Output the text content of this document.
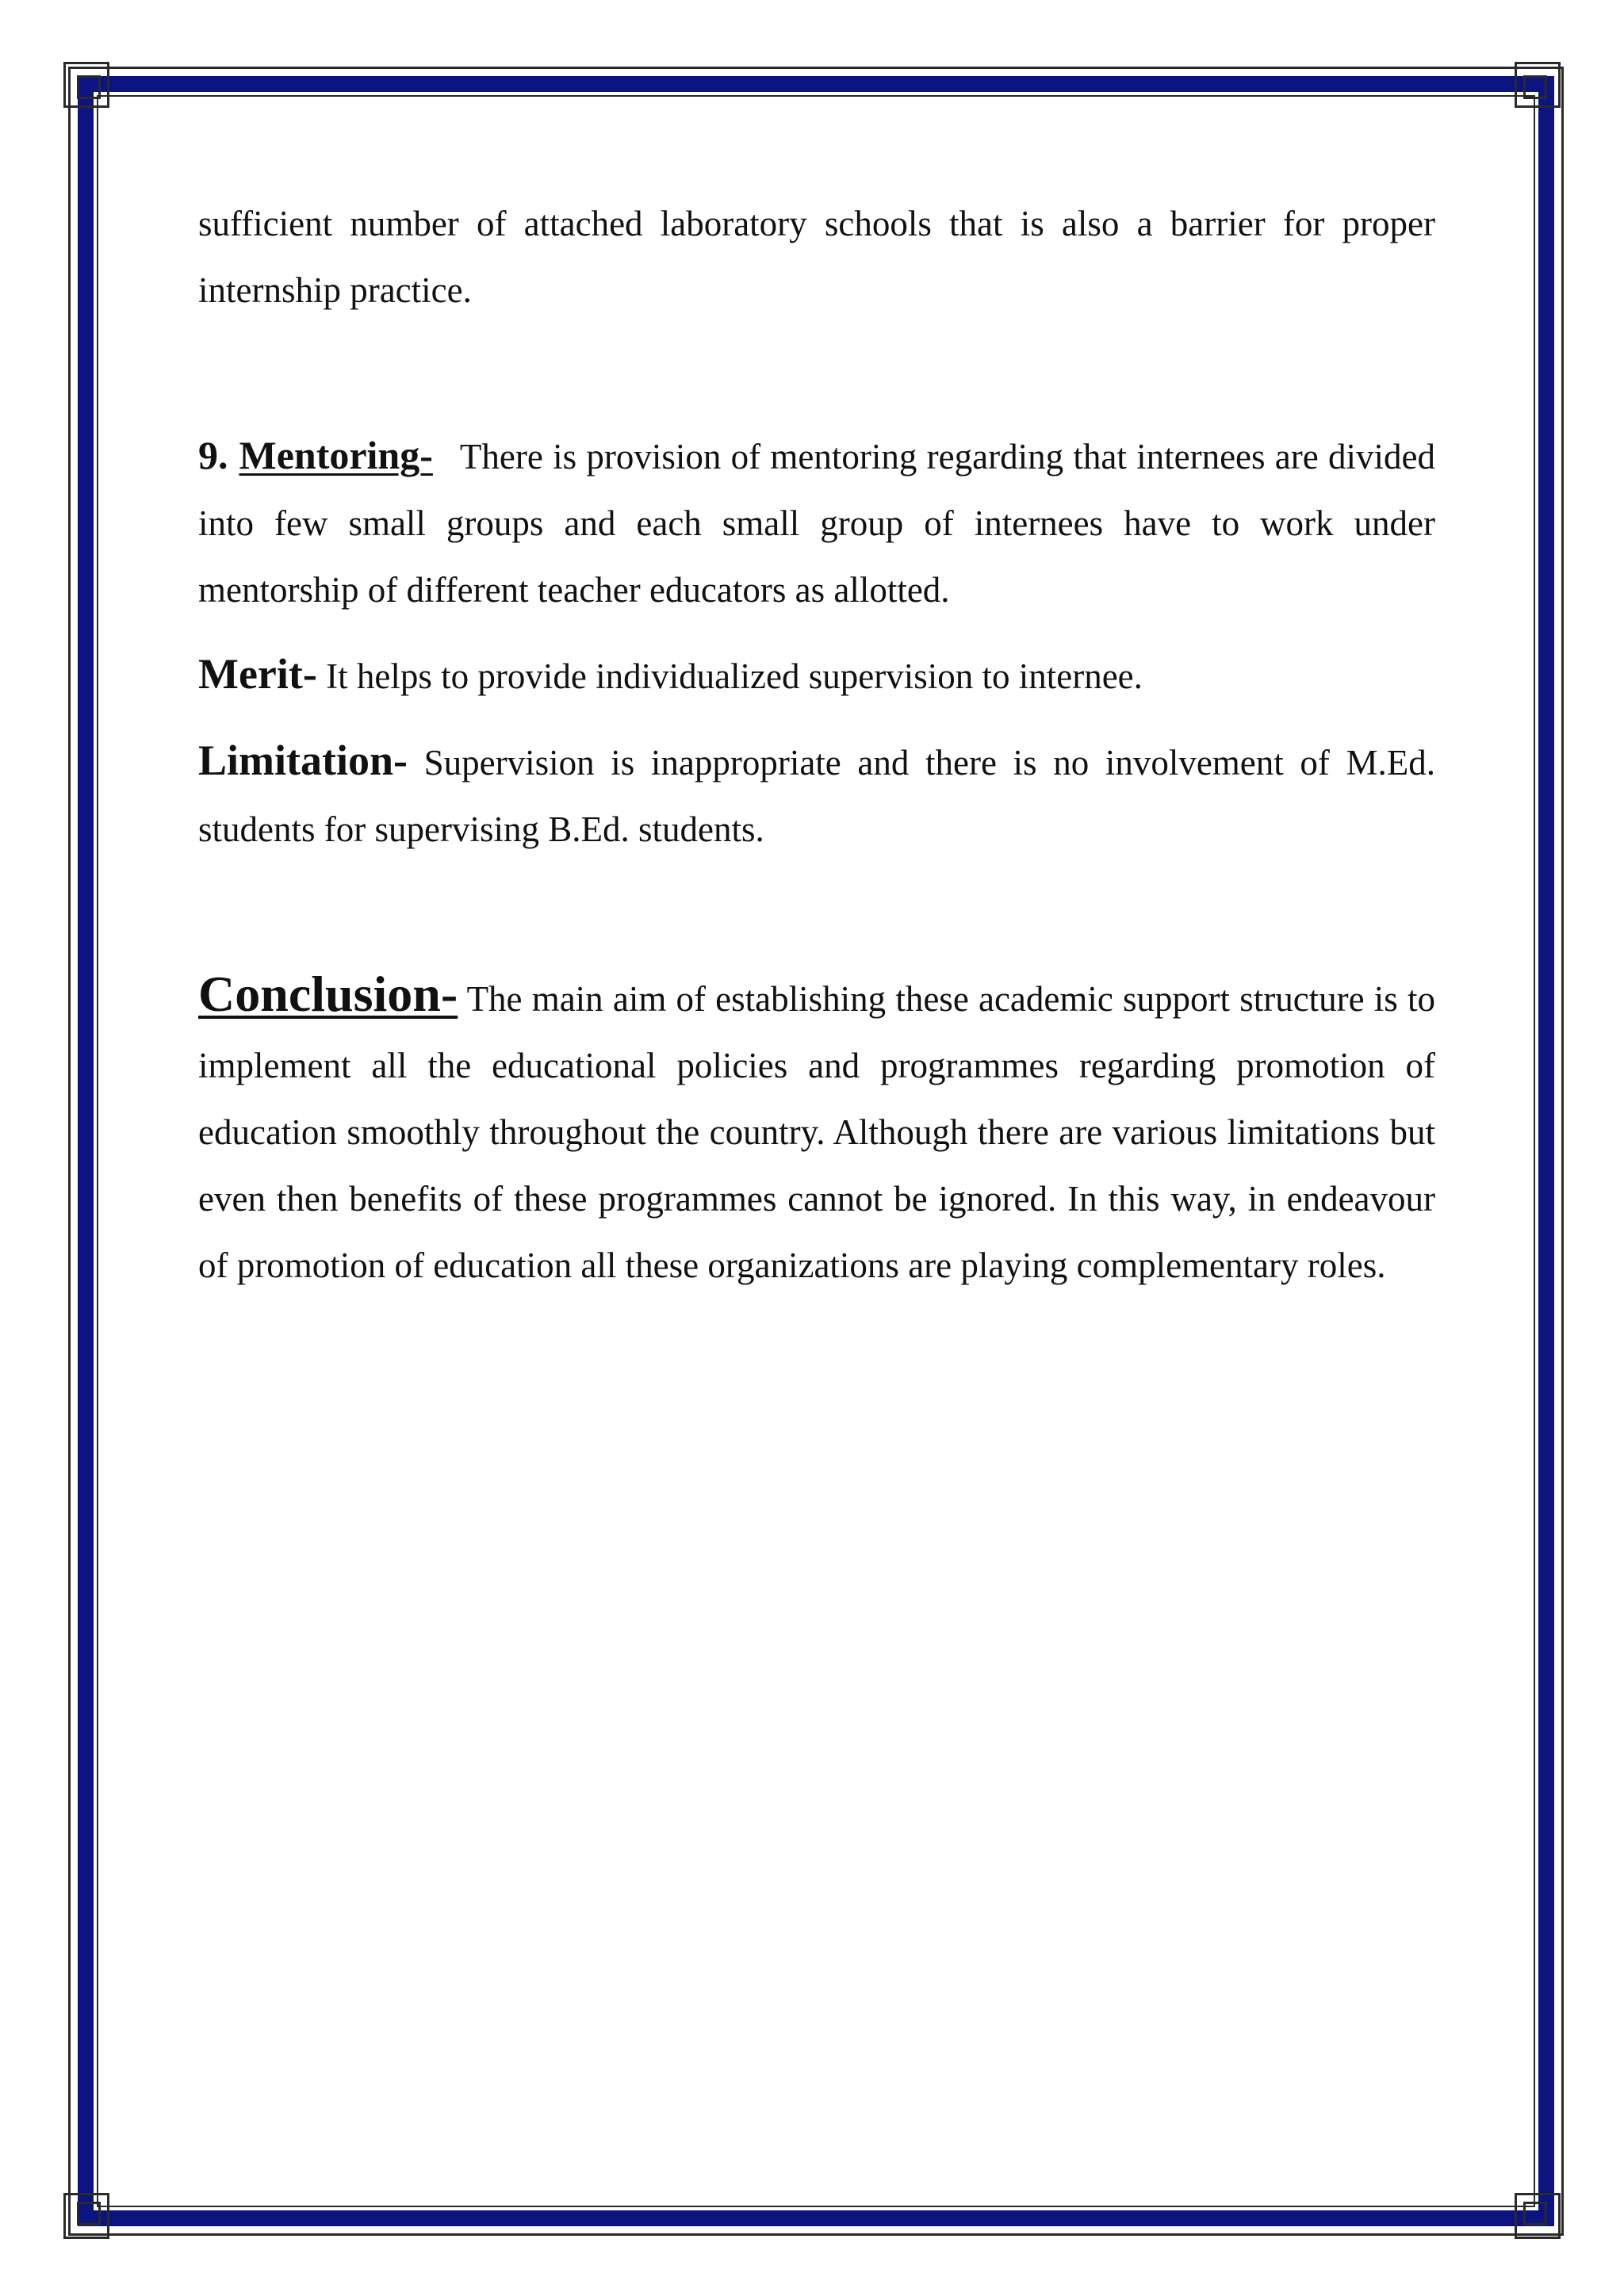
sufficient number of attached laboratory schools that is also a barrier for proper internship practice.

9. Mentoring- There is provision of mentoring regarding that internees are divided into few small groups and each small group of internees have to work under mentorship of different teacher educators as allotted.

Merit- It helps to provide individualized supervision to internee.

Limitation- Supervision is inappropriate and there is no involvement of M.Ed. students for supervising B.Ed. students.

Conclusion- The main aim of establishing these academic support structure is to implement all the educational policies and programmes regarding promotion of education smoothly throughout the country. Although there are various limitations but even then benefits of these programmes cannot be ignored. In this way, in endeavour of promotion of education all these organizations are playing complementary roles.
